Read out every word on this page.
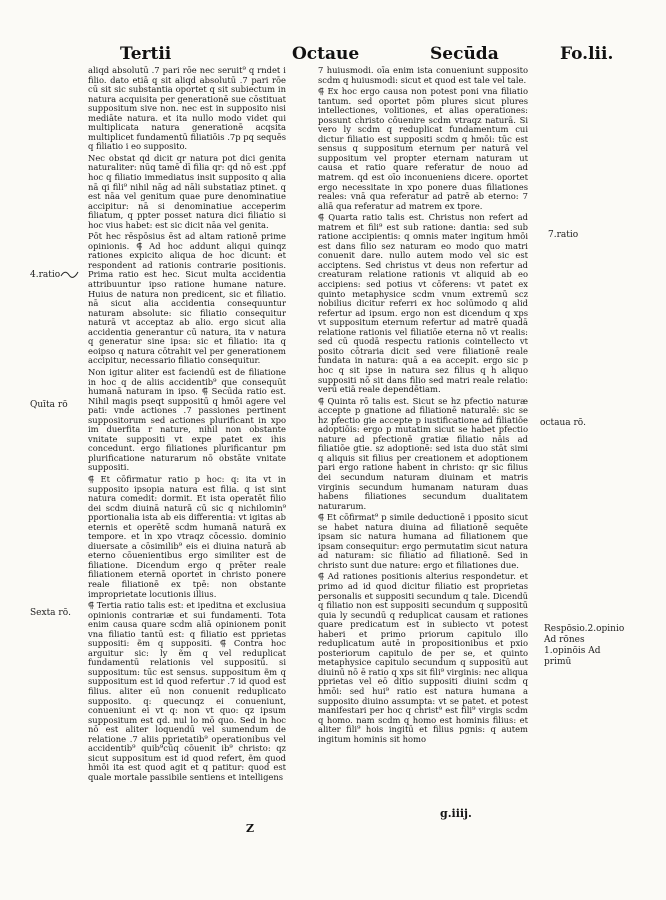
Tertii	Octaue	Secūda	Fo.lii.
4.ratio
Quīta rō
Sexta rō.
7.ratio
octaua rō.
Respōsio.2.opinio Ad rōnes 1.opinōis Ad primū

aliqd absolutū .7 pari rōe nec seruit⁹ q rndet i filio. dato etiā q sit aliqd absolutū .7 pari rōe cū sit sic substantia oportet q sit subiectum in natura acquisita per generationē sue cōstituat suppositum sive non. nec est in supposito nisi mediāte natura. et ita nullo modo videt qui multiplicata natura generationē acqsita multiplicet fundamentū filiatiōis .7p pq sequēs q filiatio i eo supposito.

Nec obstat qd dicit qr natura pot dici genita naturaliter: nūq tamē dī filia qr: qd nō est .ppf hoc q filiatio immediatus insit supposito q alia nā qi fili⁹ nihil nāg ad nāli substatiaz ptinet. q est nāa vel genitum quae pure denominatiue accipitur: nā si denominatiue acceperim filiatum, q ppter posset natura dici filiatio si hoc vius habet: est sic dicit nāa vel genita.

Pōt hec rēspōsius ēst ad altam rationē prime opinionis. ⸿ Ad hoc addunt aliqui quinqz rationes expicito aliqua de hoc dicunt: et respondent ad rationis contrarie positionis. Prima ratio est hec. Sicut multa accidentia attribuuntur ipso ratione humane nature. Huius de natura non predicent, sic et filiatio. nā sicut alia accidentia consequuntur naturam absolute: sic filiatio consequitur naturā vt acceptaz ab alio. ergo sicut alia accidentia generantur cū natura, ita v natura q generatur sine ipsa: sic et filiatio: ita q eoipso q natura cōtrahit vel per generationem accipitur, necessario filiatio consequitur.

Non igitur aliter est faciendū est de filiatione in hoc q de aliis accidentib⁹ que consequūt humanā naturam in ipso. ⸿ Secūda ratio est. Nihil magis pseqt suppositū q hmōi agere vel pati: vnde actiones .7 passiones pertinent suppositorum sed actiones plurificant in xpo im duerfita r nature, nihil non obstante vnitate suppositi vt expe patet ex ihis concedunt. ergo filiationes plurificantur pm plurificatione naturarum nō obstāte vnitate suppositi.

⸿ Et cōfirmatur ratio p hoc: q: ita vt in supposito ipsopia natura est filia. q ist sint natura comedit: dormit. Et ista operatēt filio dei scdm diuinā naturā cū sic q nichilomin⁹ pportionalia ista ab eis differentia: vt igitas ab eternis et operētē scdm humanā naturā ex tempore. et in xpo vtraqz cōcessio. dominio diuersate a cōsimilib⁹ eis ei diuina naturā ab eterno cōuenientibus ergo similiter est de filiatione. Dicendum ergo q prēter reale filiationem eternā oportet in christo ponere reale filiationē ex tpē: non obstante improprietate locutionis illius.

⸿ Tertia ratio talis est: et ipeditna et exclusiua opinionis contrariæ et sui fundamenti. Tota enim causa quare scdm aliā opinionem ponit vna filiatio tantū est: q filiatio est pprietas suppositi: ẽm q suppositi. ⸿ Contra hoc arguitur sic: ly ẽm q vel reduplicat fundamentū relationis vel suppositū. si suppositum: tūc est sensus. suppositum ẽm q suppositum est id quod refertur .7 id quod est filius. aliter eū non conuenit reduplicato supposito. q: quecunqz ei conueniunt, conueniunt ei vt q: non vt quo: qz ipsum suppositum est qd. nul lo mō quo. Sed in hoc nō est aliter loquendū vel sumendum de relatione .7 aliis pprietatib⁹ operationibus vel accidentib⁹ quib⁹cūq cōuenit ib⁹ christo: qz sicut suppositum est id quod refert, ẽm quod hmōi ita est quod agit et q patitur: quod est quale mortale passibile sentiens et intelligens

7 huiusmodi. oīa enim ista conueniunt supposito scdm q huiusmodi: sicut et quod est tale vel tale.

⸿ Ex hoc ergo causa non potest poni vna filiatio tantum. sed oportet pōm plures sicut plures intellectiones, volitiones, et alias operationes: possunt christo cōuenire scdm vtraqz naturā. Si vero ly scdm q reduplicat fundamentum cui dictur filiatio est suppositi scdm q hmōi: tūc est sensus q suppositum eternum per naturā vel suppositum vel propter eternam naturam ut causa et ratio quare referatur de nouo ad matrem. qd est oīo inconueniens dicere. oportet ergo necessitate in xpo ponere duas filiationes reales: vnā qua referatur ad patrē ab eterno: 7 aliā qua referatur ad matrem ex tpore.

⸿ Quarta ratio talis est. Christus non refert ad matrem et fili⁹ est sub ratione: dantia: sed sub ratione accipientis: q omnis mater ingitum hmōi est dans filio sez naturam eo modo quo matri conuenit dare. nullo autem modo vel sic est acciptens. Sed christus vt deus non refertur ad creaturam relatione rationis vt aliquid ab eo accipiens: sed potius vt cōferens: vt patet ex quinto metaphysice scdm vnum extremū scz nobilius dicitur referri ex hoc solūmodo q alid refertur ad ipsum. ergo non est dicendum q xps vt suppositum eternum refertur ad matrē quadā relatione rationis vel filiatiōe eterna nō vt realis: sed cū quodā respectu rationis cointellecto vt posito cōtraria dicit sed vere filiationē reale fundata in natura: quā a ea accepit. ergo sic p hoc q sit ipse in natura sez filius q h aliquo suppositi nō sit dans filio sed matri reale relatio: verū etiā reale dependētiam.

⸿ Quinta rō talis est. Sicut se hz pfectio naturæ accepte p gnatione ad filiationē naturalē: sic se hz pfectio gie accepte p iustificatione ad filiatiōe adoptiōis: ergo p mutatim sicut se habet pfectio nature ad pfectionē gratiæ filiatio nāis ad filiatiōe gtie. sz adoptionē: sed ista duo stāt simi q aliquis sit filius per creationem et adoptionem pari ergo ratione habent in christo: qr sic filius dei secundum naturam diuinam et matris virginis secundum humanam naturam duas habens filiationes secundum dualitatem naturarum.

⸿ Et cōfirmat⁹ p simile deductionē i pposito sicut se habet natura diuina ad filiationē sequēte ipsam sic natura humana ad filiationem que ipsam consequitur: ergo permutatim sicut natura ad naturam: sic filiatio ad filiationē. Sed in christo sunt due nature: ergo et filiationes due.

⸿ Ad rationes positionis alterius respondetur. et primo ad id quod dicitur filiatio est proprietas personalis et suppositi secundum q tale. Dicendū q filiatio non est suppositi secundum q suppositū quia ly secundū q reduplicat causam et rationes quare predicatum est in subiecto vt potest haberi et primo priorum capitulo illo reduplicatum autē in propositionibus et pxio posteriorum capitulo de per se, et quinto metaphysice capitulo secundum q suppositū aut diuinū nō ē ratio q xps sit fili⁹ virginis: nec aliqua pprietas vel eō ditio suppositi diuini scdm q hmōi: sed hui⁹ ratio est natura humana a supposito diuino assumpta: vt se patet. et potest manifestari per hoc q christ⁹ est fili⁹ virgis scdm q homo. nam scdm q homo est hominis filius: et aliter fili⁹ hois ingitū et filius pgnis: q autem ingitum hominis sit homo

Z
g.iiij.
